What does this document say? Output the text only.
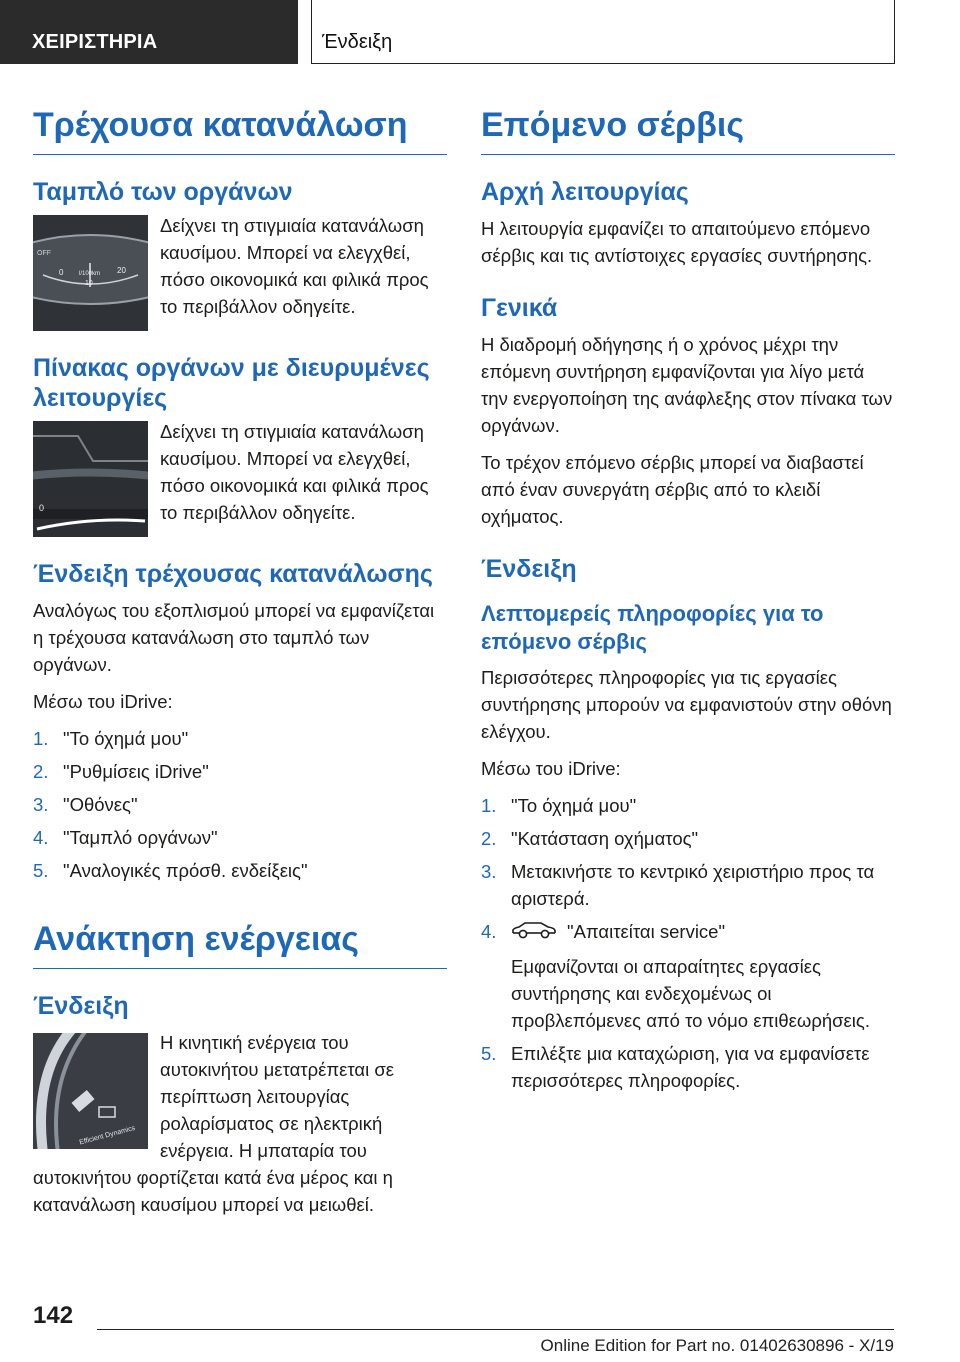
ΧΕΙΡΙΣΤΗΡΙΑ	Ένδειξη
Τρέχουσα κατανάλωση
Ταμπλό των οργάνων
OFF
0	l/100km
10
20
Δείχνει τη στιγμιαία κατανάλωση καυσίμου. Μπορεί να ελεγχθεί, πόσο οικονομικά και φιλικά προς το περιβάλλον οδηγείτε.
Πίνακας οργάνων με διευρυμένες λειτουργίες
0
Δείχνει τη στιγμιαία κατανάλωση καυσίμου. Μπορεί να ελεγχθεί, πόσο οικονομικά και φιλικά προς το περιβάλλον οδηγείτε.
Ένδειξη τρέχουσας κατανάλωσης
Αναλόγως του εξοπλισμού μπορεί να εμφανίζεται η τρέχουσα κατανάλωση στο ταμπλό των οργάνων.
Μέσω του iDrive:
1. "Το όχημά μου"
2. "Ρυθμίσεις iDrive"
3. "Οθόνες"
4. "Ταμπλό οργάνων"
5. "Αναλογικές πρόσθ. ενδείξεις"
Ανάκτηση ενέργειας
Ένδειξη
Efficient Dynamics
Η κινητική ενέργεια του αυτοκινήτου μετατρέπεται σε περίπτωση λειτουργίας ρολαρίσματος σε ηλεκτρική ενέργεια. Η μπαταρία του αυτοκινήτου φορτίζεται κατά ένα μέρος και η κατανάλωση καυσίμου μπορεί να μειωθεί.
Επόμενο σέρβις
Αρχή λειτουργίας
Η λειτουργία εμφανίζει το απαιτούμενο επόμενο σέρβις και τις αντίστοιχες εργασίες συντήρησης.
Γενικά
Η διαδρομή οδήγησης ή ο χρόνος μέχρι την επόμενη συντήρηση εμφανίζονται για λίγο μετά την ενεργοποίηση της ανάφλεξης στον πίνακα των οργάνων.
Το τρέχον επόμενο σέρβις μπορεί να διαβαστεί από έναν συνεργάτη σέρβις από το κλειδί οχήματος.
Ένδειξη
Λεπτομερείς πληροφορίες για το επόμενο σέρβις
Περισσότερες πληροφορίες για τις εργασίες συντήρησης μπορούν να εμφανιστούν στην οθόνη ελέγχου.
Μέσω του iDrive:
1. "Το όχημά μου"
2. "Κατάσταση οχήματος"
3. Μετακινήστε το κεντρικό χειριστήριο προς τα αριστερά.
4.	"Απαιτείται service"
Εμφανίζονται οι απαραίτητες εργασίες συντήρησης και ενδεχομένως οι προβλεπόμενες από το νόμο επιθεωρήσεις.
5. Επιλέξτε μια καταχώριση, για να εμφανίσετε περισσότερες πληροφορίες.
142
Online Edition for Part no. 01402630896 - X/19
